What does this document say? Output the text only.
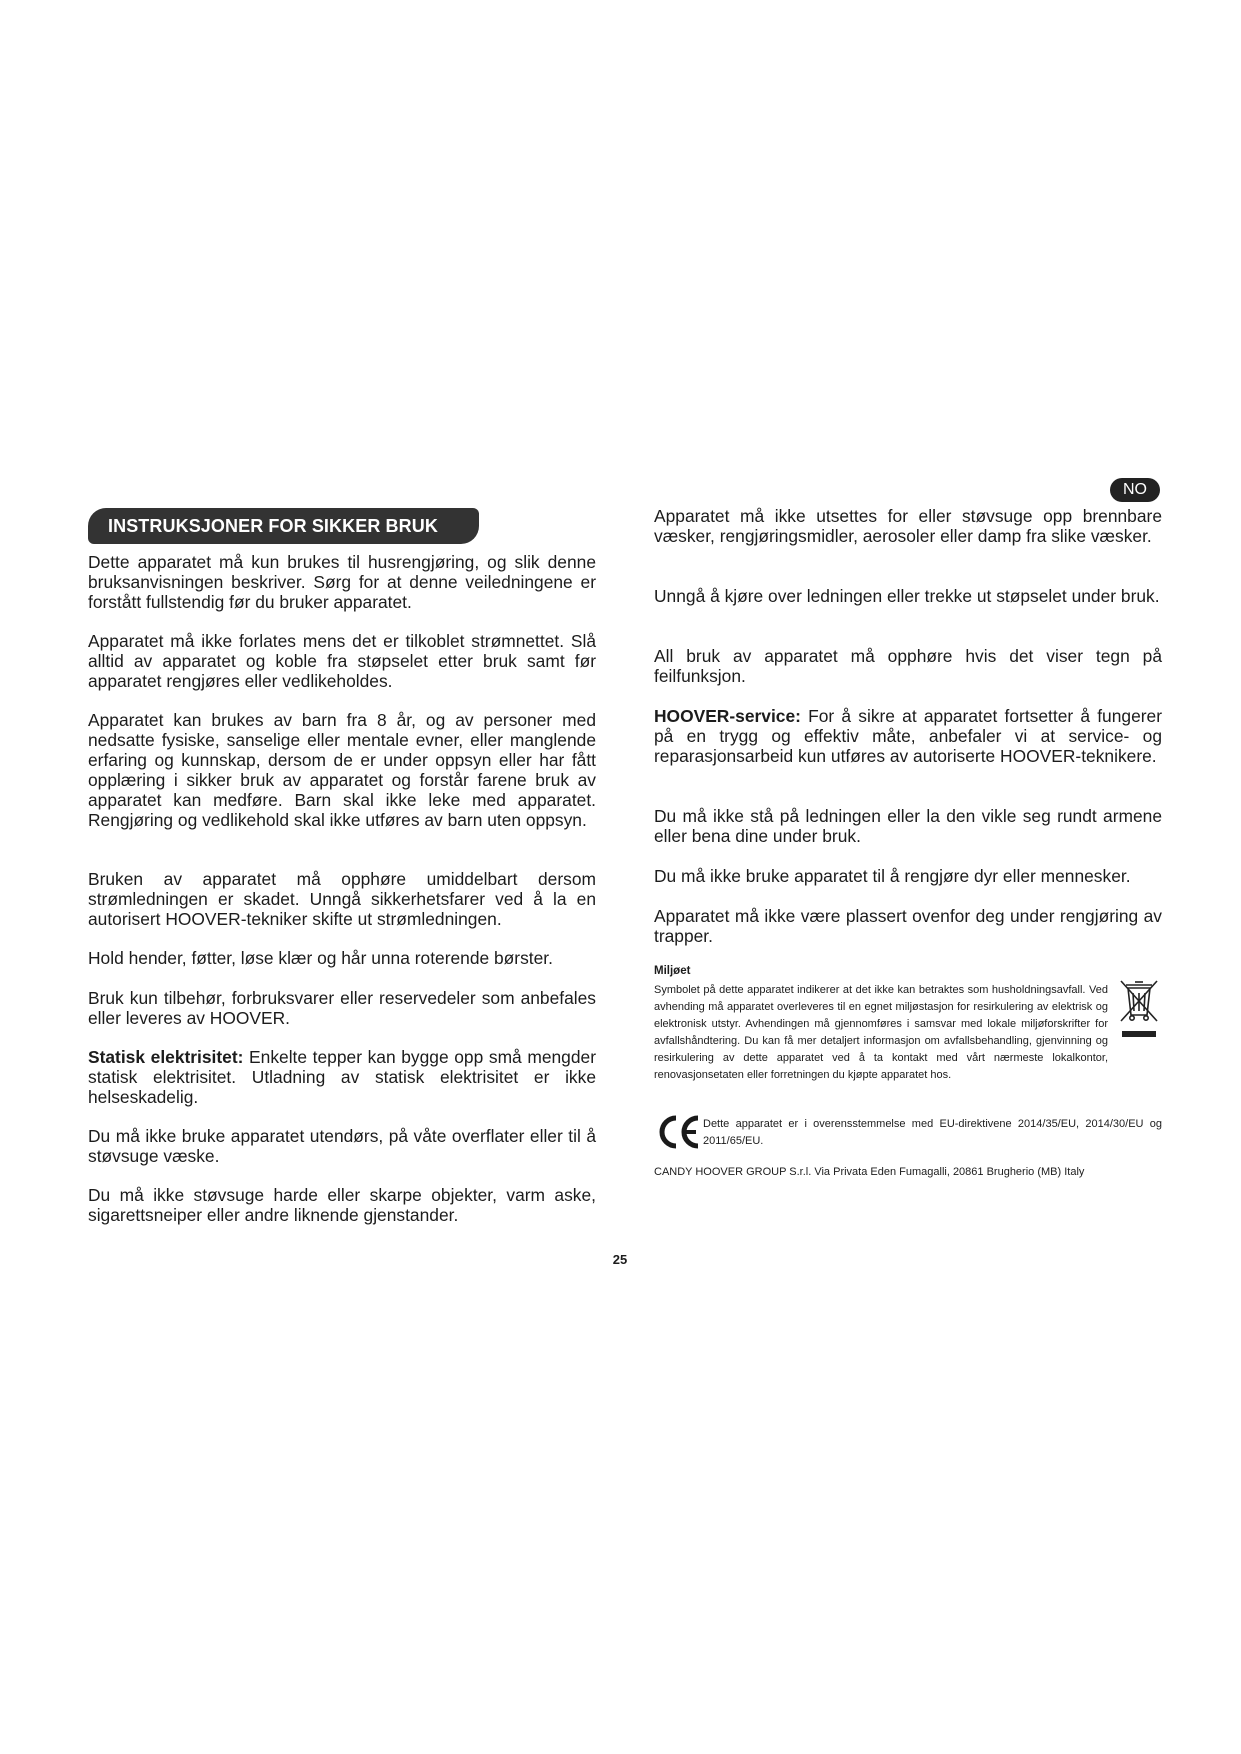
NO
INSTRUKSJONER FOR SIKKER BRUK

Dette apparatet må kun brukes til husrengjøring, og slik denne bruksanvisningen beskriver. Sørg for at denne veiledningene er forstått fullstendig før du bruker apparatet.

Apparatet må ikke forlates mens det er tilkoblet strømnettet. Slå alltid av apparatet og koble fra støpselet etter bruk samt før apparatet rengjøres eller vedlikeholdes.

Apparatet kan brukes av barn fra 8 år, og av personer med nedsatte fysiske, sanselige eller mentale evner, eller manglende erfaring og kunnskap, dersom de er under oppsyn eller har fått opplæring i sikker bruk av apparatet og forstår farene bruk av apparatet kan medføre. Barn skal ikke leke med apparatet. Rengjøring og vedlikehold skal ikke utføres av barn uten oppsyn.

Bruken av apparatet må opphøre umiddelbart dersom strømledningen er skadet. Unngå sikkerhetsfarer ved å la en autorisert HOOVER-tekniker skifte ut strømledningen.

Hold hender, føtter, løse klær og hår unna roterende børster.

Bruk kun tilbehør, forbruksvarer eller reservedeler som anbefales eller leveres av HOOVER.

Statisk elektrisitet: Enkelte tepper kan bygge opp små mengder statisk elektrisitet. Utladning av statisk elektrisitet er ikke helseskadelig.

Du må ikke bruke apparatet utendørs, på våte overflater eller til å støvsuge væske.

Du må ikke støvsuge harde eller skarpe objekter, varm aske, sigarettsneiper eller andre liknende gjenstander.

Apparatet må ikke utsettes for eller støvsuge opp brennbare væsker, rengjøringsmidler, aerosoler eller damp fra slike væsker.

Unngå å kjøre over ledningen eller trekke ut støpselet under bruk.

All bruk av apparatet må opphøre hvis det viser tegn på feilfunksjon.

HOOVER-service: For å sikre at apparatet fortsetter å fungerer på en trygg og effektiv måte, anbefaler vi at service- og reparasjonsarbeid kun utføres av autoriserte HOOVER-teknikere.

Du må ikke stå på ledningen eller la den vikle seg rundt armene eller bena dine under bruk.

Du må ikke bruke apparatet til å rengjøre dyr eller mennesker.

Apparatet må ikke være plassert ovenfor deg under rengjøring av trapper.

Miljøet

Symbolet på dette apparatet indikerer at det ikke kan betraktes som husholdningsavfall. Ved avhending må apparatet overleveres til en egnet miljøstasjon for resirkulering av elektrisk og elektronisk utstyr. Avhendingen må gjennomføres i samsvar med lokale miljøforskrifter for avfallshåndtering. Du kan få mer detaljert informasjon om avfallsbehandling, gjenvinning og resirkulering av dette apparatet ved å ta kontakt med vårt nærmeste lokalkontor, renovasjonsetaten eller forretningen du kjøpte apparatet hos.

Dette apparatet er i overensstemmelse med EU-direktivene 2014/35/EU, 2014/30/EU og 2011/65/EU.

CANDY HOOVER GROUP S.r.l. Via Privata Eden Fumagalli, 20861 Brugherio (MB) Italy

25
